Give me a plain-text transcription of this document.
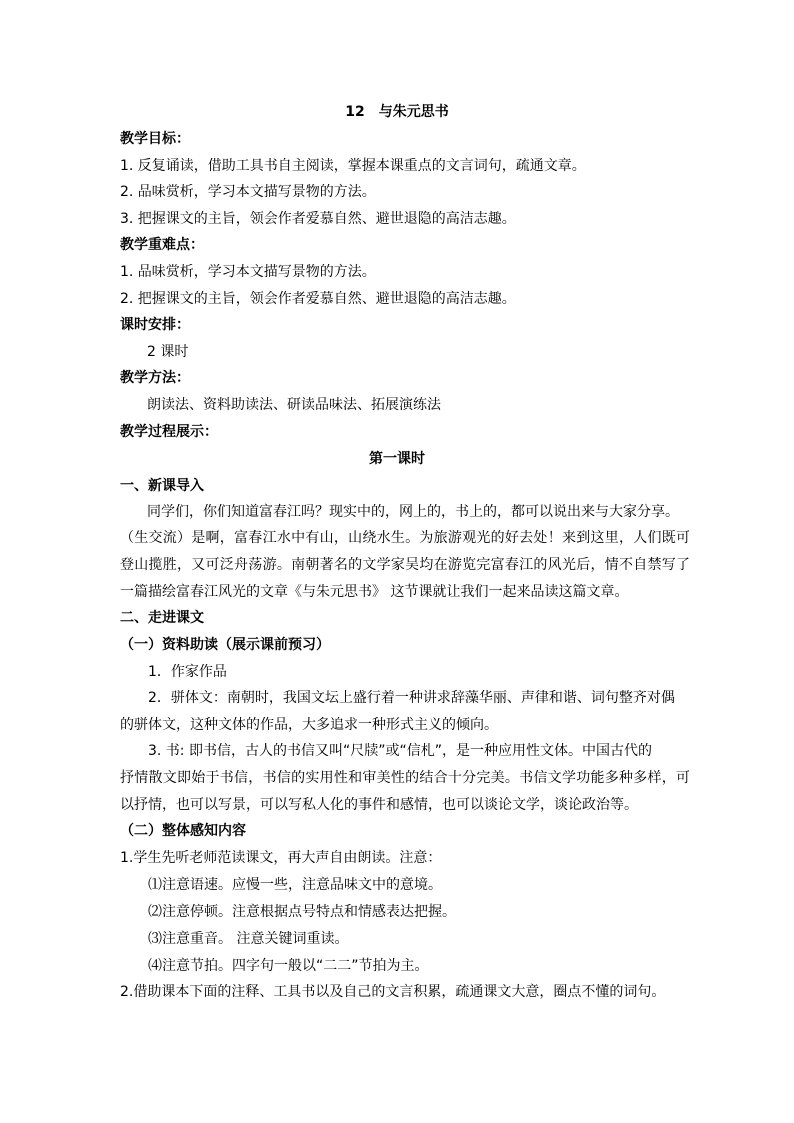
12　与朱元思书
教学目标：
1. 反复诵读，借助工具书自主阅读，掌握本课重点的文言词句，疏通文章。
2. 品味赏析，学习本文描写景物的方法。
3. 把握课文的主旨，领会作者爱慕自然、避世退隐的高洁志趣。
教学重难点：
1. 品味赏析，学习本文描写景物的方法。
2. 把握课文的主旨，领会作者爱慕自然、避世退隐的高洁志趣。
课时安排：
2 课时
教学方法：
朗读法、资料助读法、研读品味法、拓展演练法
教学过程展示：
第一课时
一、新课导入
同学们，你们知道富春江吗？现实中的，网上的，书上的，都可以说出来与大家分享。
（生交流）是啊，富春江水中有山，山绕水生。为旅游观光的好去处！来到这里，人们既可
登山揽胜，又可泛舟荡游。南朝著名的文学家吴均在游览完富春江的风光后，情不自禁写了
一篇描绘富春江风光的文章《与朱元思书》 这节课就让我们一起来品读这篇文章。
二、走进课文
（一）资料助读（展示课前预习）
1．作家作品
2．骈体文：南朝时，我国文坛上盛行着一种讲求辞藻华丽、声律和谐、词句整齐对偶
的骈体文，这种文体的作品，大多追求一种形式主义的倾向。
3. 书: 即书信，古人的书信又叫“尺牍”或“信札”，是一种应用性文体。中国古代的
抒情散文即始于书信，书信的实用性和审美性的结合十分完美。书信文学功能多种多样，可
以抒情，也可以写景，可以写私人化的事件和感情，也可以谈论文学，谈论政治等。
（二）整体感知内容
1.学生先听老师范读课文，再大声自由朗读。注意：
⑴注意语速。应慢一些，注意品味文中的意境。
⑵注意停顿。注意根据点号特点和情感表达把握。
⑶注意重音。 注意关键词重读。
⑷注意节拍。四字句一般以“二二”节拍为主。
2.借助课本下面的注释、工具书以及自己的文言积累，疏通课文大意，圈点不懂的词句。
